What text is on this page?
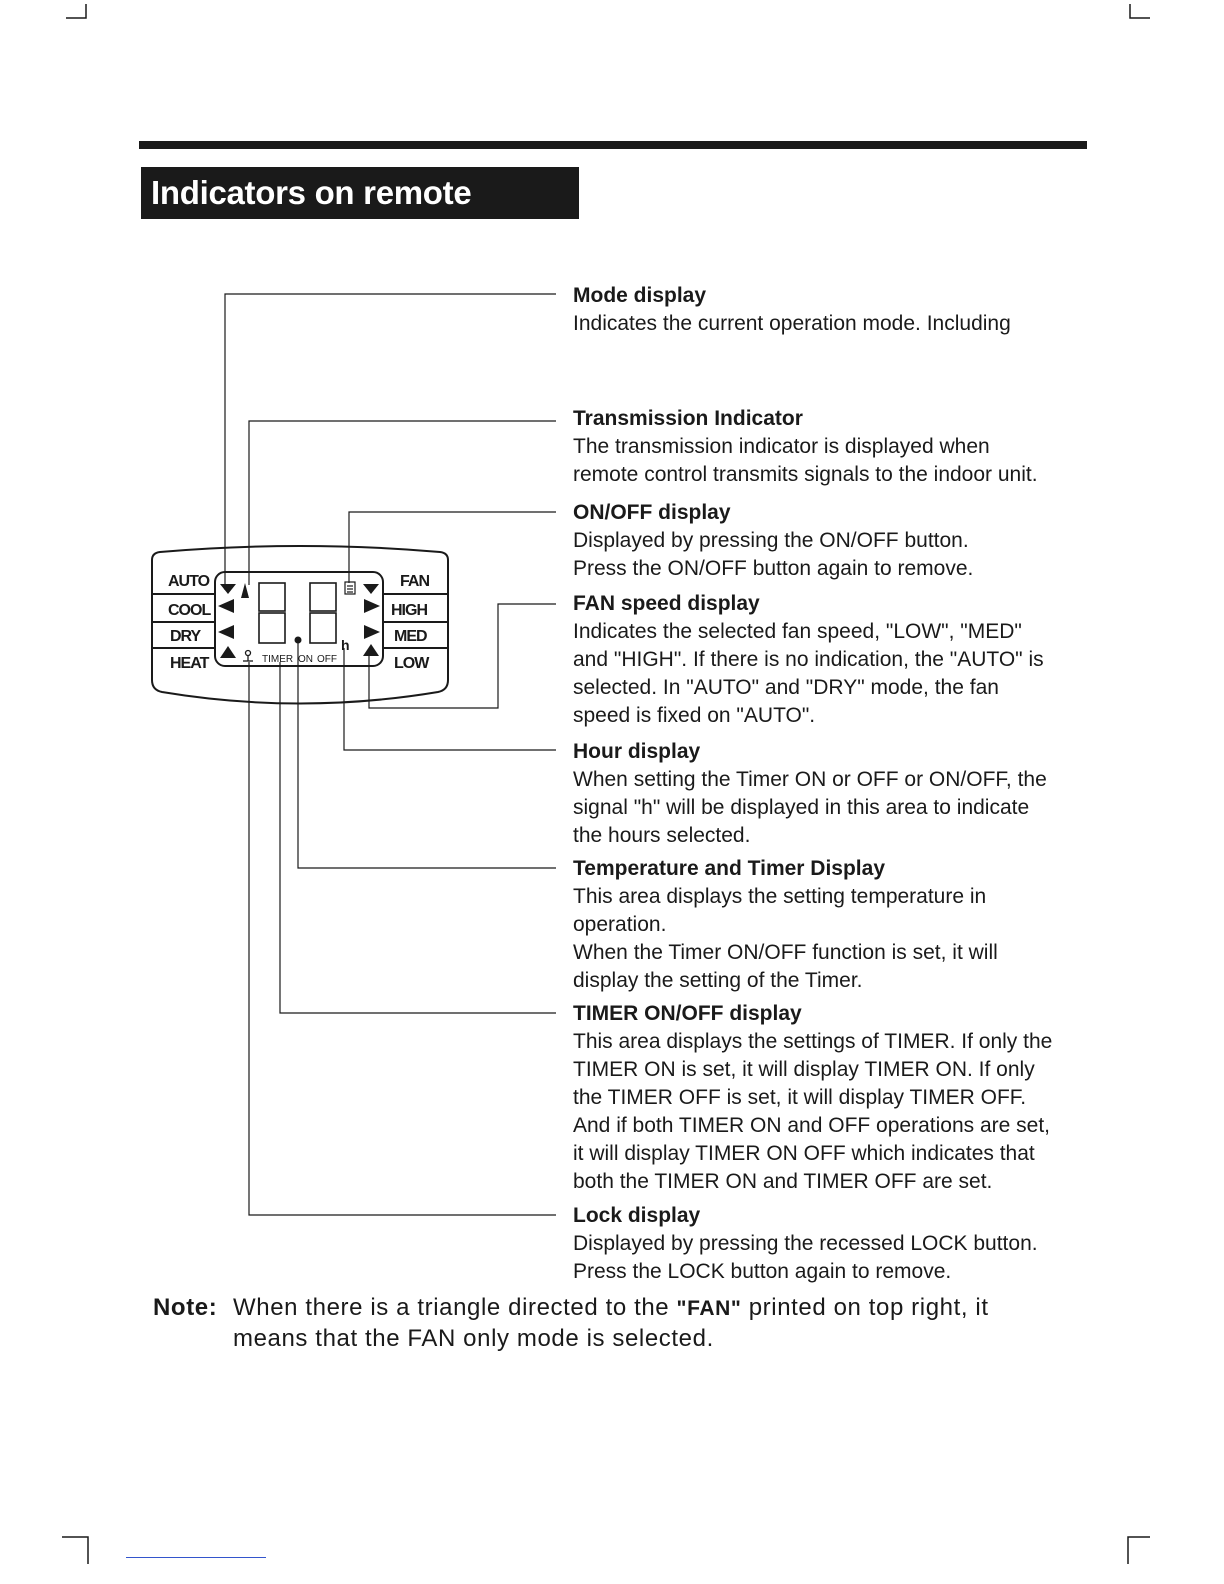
Indicators on remote control
AUTO
COOL
DRY
HEAT
FAN
HIGH
MED
LOW
h
TIMER ON OFF
Mode display
Indicates the current operation mode. Including
Transmission Indicator
The transmission indicator is displayed when
remote control transmits signals to the indoor unit.
ON/OFF display
Displayed by pressing the ON/OFF button.
Press the ON/OFF button again to remove.
FAN speed display
Indicates the selected fan speed, "LOW", "MED"
and "HIGH". If there is no indication, the "AUTO" is
selected. In "AUTO" and "DRY" mode, the fan
speed is fixed on "AUTO".
Hour display
When setting the Timer ON or OFF or ON/OFF, the
signal "h" will be displayed in this area to indicate
the hours selected.
Temperature and Timer Display
This area displays the setting temperature in
operation.
When the Timer ON/OFF function is set, it will
display the setting of the Timer.
TIMER ON/OFF display
This area displays the settings of TIMER. If only the
TIMER ON is set, it will display TIMER ON. If only
the TIMER OFF is set, it will display TIMER OFF.
And if both TIMER ON and OFF operations are set,
it will display TIMER ON OFF which indicates that
both the TIMER ON and TIMER OFF are set.
Lock display
Displayed by pressing the recessed LOCK button.
Press the LOCK button again to remove.
Note: When there is a triangle directed to the "FAN" printed on top right, it
means that the FAN only mode is selected.
